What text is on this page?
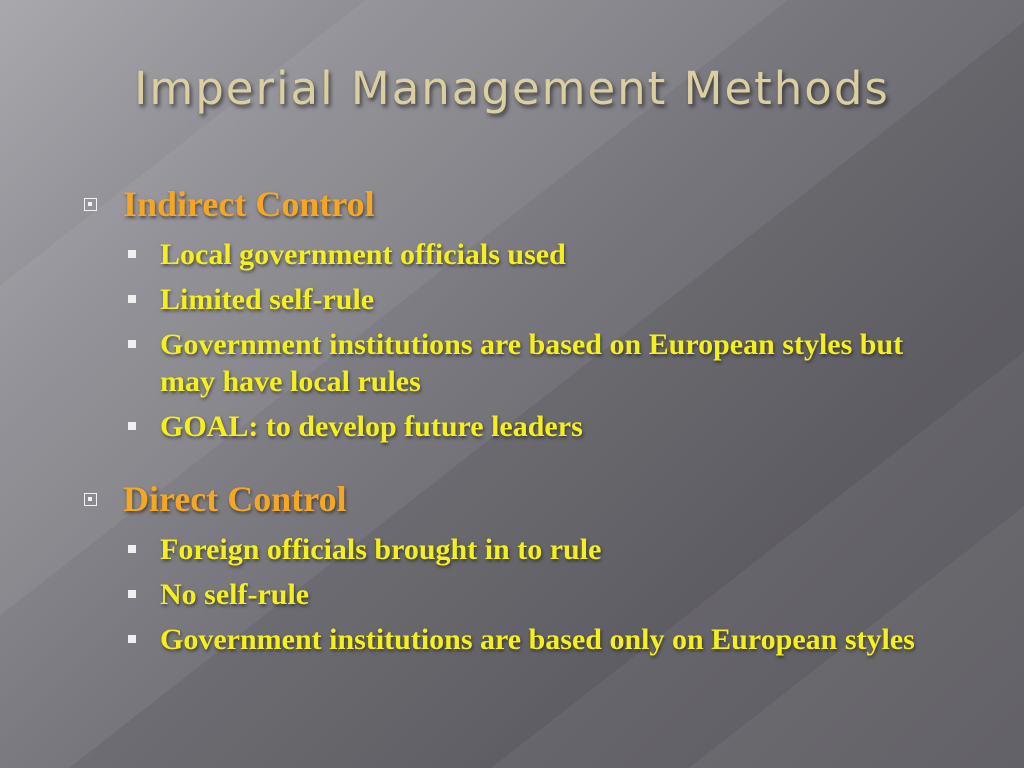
Imperial Management Methods
Indirect Control
Local government officials used
Limited self-rule
Government institutions are based on European styles but may have local rules
GOAL: to develop future leaders
Direct Control
Foreign officials brought in to rule
No self-rule
Government institutions are based only on European styles
